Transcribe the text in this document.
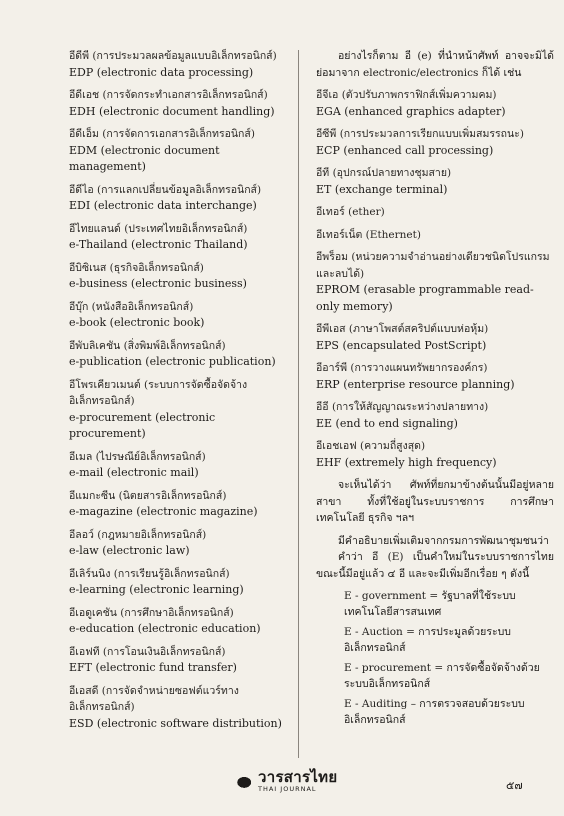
อีดีพี (การประมวลผลข้อมูลแบบอิเล็กทรอนิกส์)
EDP (electronic data processing)
อีดีเอช (การจัดกระทำเอกสารอิเล็กทรอนิกส์)
EDH (electronic document handling)
อีดีเอ็ม (การจัดการเอกสารอิเล็กทรอนิกส์)
EDM (electronic document management)
อีดีไอ (การแลกเปลี่ยนข้อมูลอิเล็กทรอนิกส์)
EDI (electronic data interchange)
อีไทยแลนด์ (ประเทศไทยอิเล็กทรอนิกส์)
e-Thailand (electronic Thailand)
อีบิซิเนส (ธุรกิจอิเล็กทรอนิกส์)
e-business (electronic business)
อีบุ๊ก (หนังสืออิเล็กทรอนิกส์)
e-book (electronic book)
อีพับลิเคชัน (สิ่งพิมพ์อิเล็กทรอนิกส์)
e-publication (electronic publication)
อีโพรเคียวเมนต์ (ระบบการจัดซื้อจัดจ้างอิเล็กทรอนิกส์)
e-procurement (electronic procurement)
อีเมล (ไปรษณีย์อิเล็กทรอนิกส์)
e-mail (electronic mail)
อีแมกะซีน (นิตยสารอิเล็กทรอนิกส์)
e-magazine (electronic magazine)
อีลอว์ (กฎหมายอิเล็กทรอนิกส์)
e-law (electronic law)
อีเลิร์นนิง (การเรียนรู้อิเล็กทรอนิกส์)
e-learning (electronic learning)
อีเอดูเคชัน (การศึกษาอิเล็กทรอนิกส์)
e-education (electronic education)
อีเอฟที (การโอนเงินอิเล็กทรอนิกส์)
EFT (electronic fund transfer)
อีเอสดี (การจัดจำหน่ายซอฟต์แวร์ทางอิเล็กทรอนิกส์)
ESD (electronic software distribution)

อย่างไรก็ตาม อี (e) ที่นำหน้าศัพท์ อาจจะมิได้ย่อมาจาก electronic/electronics ก็ได้ เช่น

อีจีเอ (ตัวปรับภาพกราฟิกส์เพิ่มความคม)
EGA (enhanced graphics adapter)
อีซีพี (การประมวลการเรียกแบบเพิ่มสมรรถนะ)
ECP (enhanced call processing)
อีที (อุปกรณ์ปลายทางชุมสาย)
ET (exchange terminal)
อีเทอร์ (ether)
อีเทอร์เน็ต (Ethernet)
อีพร็อม (หน่วยความจำอ่านอย่างเดียวชนิดโปรแกรมและลบได้)
EPROM (erasable programmable read-only memory)
อีพีเอส (ภาษาโพสต์สคริปต์แบบห่อหุ้ม)
EPS (encapsulated PostScript)
อีอาร์พี (การวางแผนทรัพยากรองค์กร)
ERP (enterprise resource planning)
อีอี (การให้สัญญาณระหว่างปลายทาง)
EE (end to end signaling)
อีเอชเอฟ (ความถี่สูงสุด)
EHF (extremely high frequency)

จะเห็นได้ว่า ศัพท์ที่ยกมาข้างต้นนั้นมีอยู่หลายสาขา ทั้งที่ใช้อยู่ในระบบราชการ การศึกษา เทคโนโลยี ธุรกิจ ฯลฯ

มีคำอธิบายเพิ่มเติมจากกรมการพัฒนาชุมชนว่า

คำว่า อี (E) เป็นคำใหม่ในระบบราชการไทย ขณะนี้มีอยู่แล้ว ๔ อี และจะมีเพิ่มอีกเรื่อย ๆ ดังนี้

E - government = รัฐบาลที่ใช้ระบบเทคโนโลยีสารสนเทศ
E - Auction = การประมูลด้วยระบบอิเล็กทรอนิกส์
E - procurement = การจัดซื้อจัดจ้างด้วยระบบอิเล็กทรอนิกส์
E - Auditing – การตรวจสอบด้วยระบบอิเล็กทรอนิกส์
วารสารไทย
THAI JOURNAL	๕๗
